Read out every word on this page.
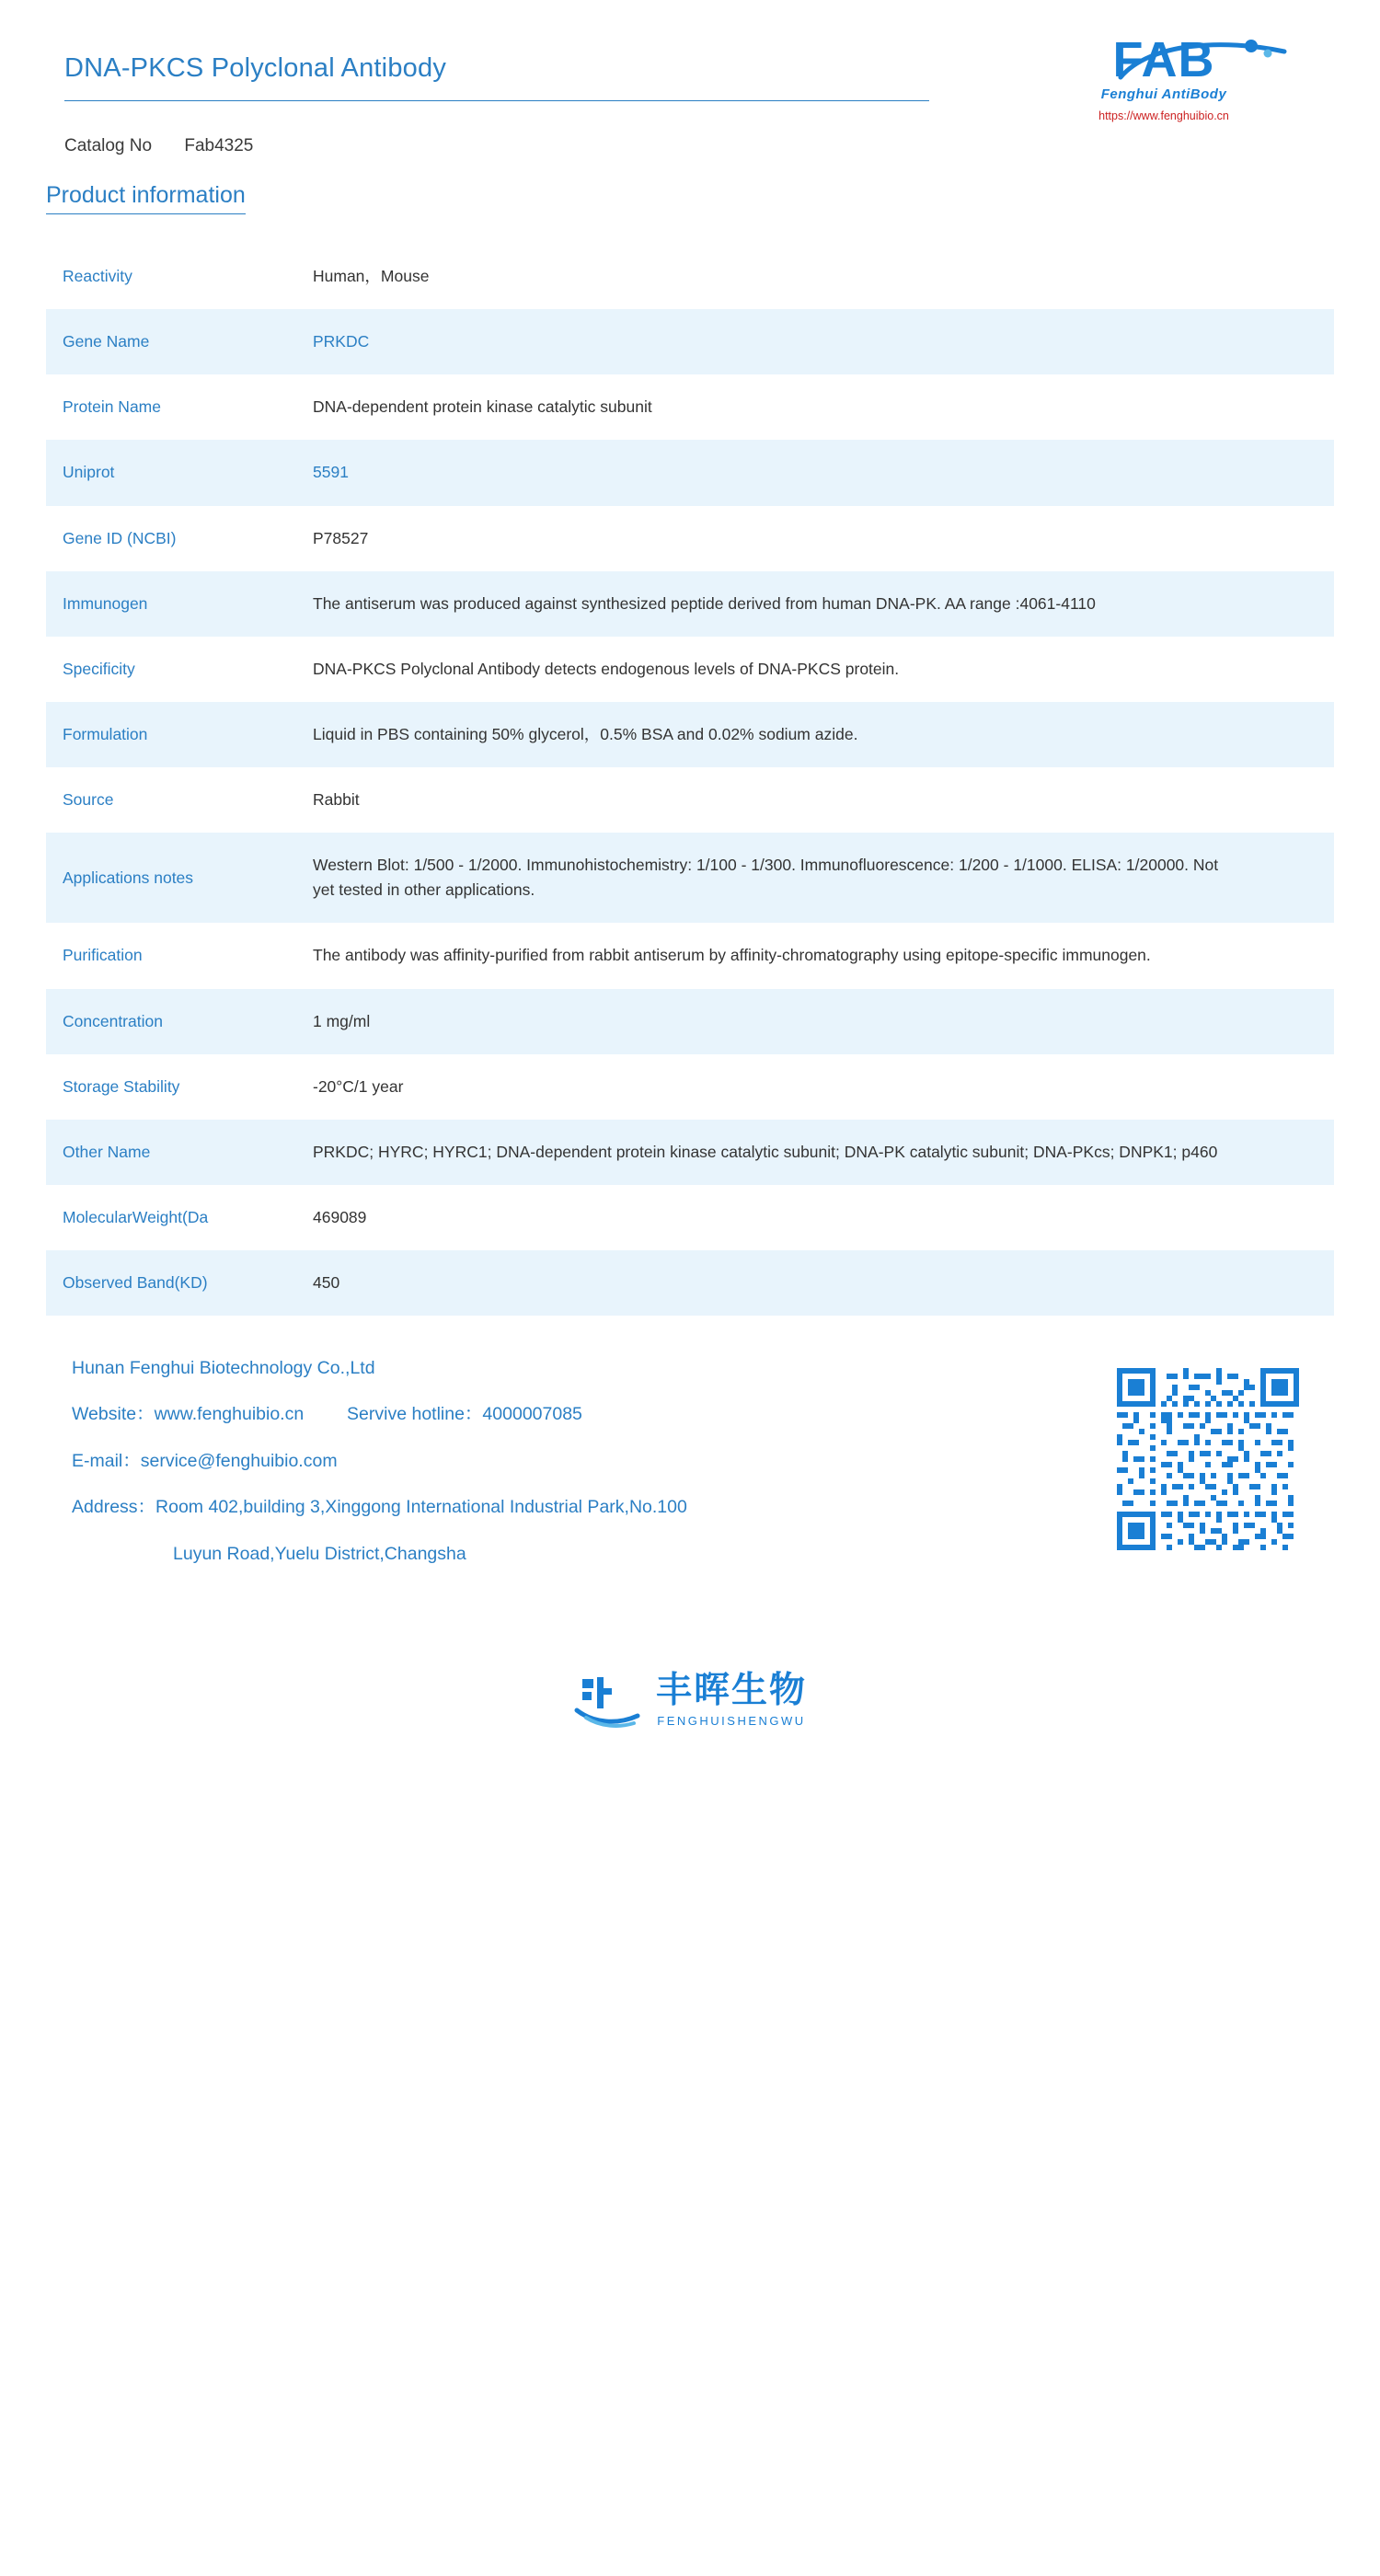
DNA-PKCS Polyclonal Antibody
Catalog No Fab4325
FAB
Fenghui AntiBody
https://www.fenghuibio.cn
Product information
Reactivity	Human，Mouse
Gene Name	PRKDC
Protein Name	DNA-dependent protein kinase catalytic subunit
Uniprot	5591
Gene ID (NCBI)	P78527
Immunogen	The antiserum was produced against synthesized peptide derived from human DNA-PK. AA range :4061-4110
Specificity	DNA-PKCS Polyclonal Antibody detects endogenous levels of DNA-PKCS protein.
Formulation	Liquid in PBS containing 50% glycerol，0.5% BSA and 0.02% sodium azide.
Source	Rabbit
Applications notes	Western Blot: 1/500 - 1/2000. Immunohistochemistry: 1/100 - 1/300. Immunofluorescence: 1/200 - 1/1000. ELISA: 1/20000. Not yet tested in other applications.
Purification	The antibody was affinity-purified from rabbit antiserum by affinity-chromatography using epitope-specific immunogen.
Concentration	1 mg/ml
Storage Stability	-20°C/1 year
Other Name	PRKDC; HYRC; HYRC1; DNA-dependent protein kinase catalytic subunit; DNA-PK catalytic subunit; DNA-PKcs; DNPK1; p460
MolecularWeight(Da	469089
Observed Band(KD)	450
Hunan Fenghui Biotechnology Co.,Ltd
Website：www.fenghuibio.cn Servive hotline：4000007085
E-mail：service@fenghuibio.com
Address：Room 402,building 3,Xinggong International Industrial Park,No.100
Luyun Road,Yuelu District,Changsha
丰晖生物
FENGHUISHENGWU
